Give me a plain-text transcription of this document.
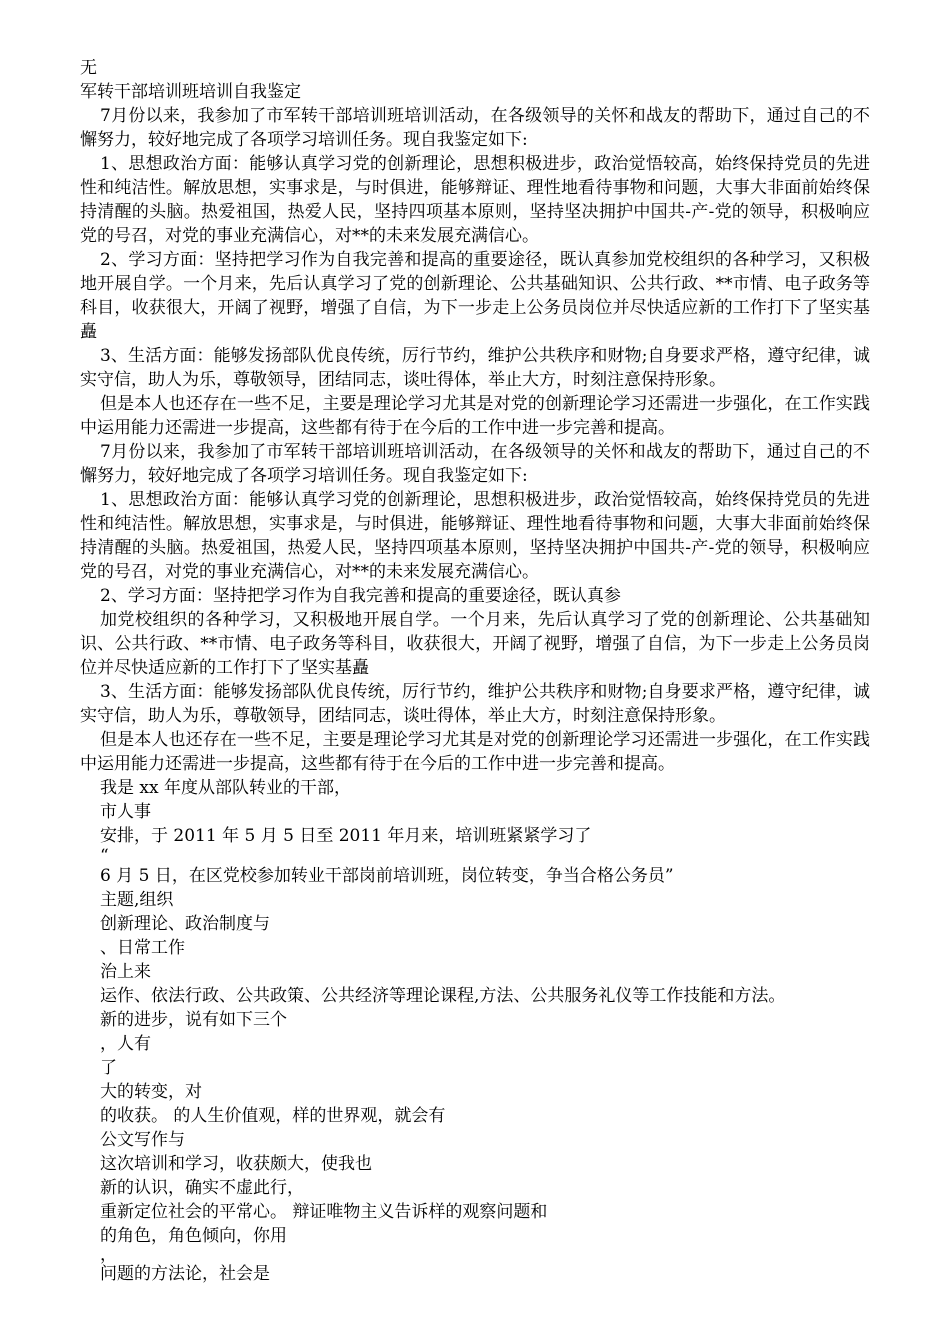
无
军转干部培训班培训自我鉴定
7月份以来，我参加了市军转干部培训班培训活动，在各级领导的关怀和战友的帮助下，通过自己的不懈努力，较好地完成了各项学习培训任务。现自我鉴定如下:
1、思想政治方面：能够认真学习党的创新理论，思想积极进步，政治觉悟较高，始终保持党员的先进性和纯洁性。解放思想，实事求是，与时俱进，能够辩证、理性地看待事物和问题，大事大非面前始终保持清醒的头脑。热爱祖国，热爱人民，坚持四项基本原则，坚持坚决拥护中国共-产-党的领导，积极响应党的号召，对党的事业充满信心，对**的未来发展充满信心。
2、学习方面：坚持把学习作为自我完善和提高的重要途径，既认真参加党校组织的各种学习，又积极地开展自学。一个月来，先后认真学习了党的创新理论、公共基础知识、公共行政、**市情、电子政务等科目，收获很大，开阔了视野，增强了自信，为下一步走上公务员岗位并尽快适应新的工作打下了坚实基矗
3、生活方面：能够发扬部队优良传统，厉行节约，维护公共秩序和财物;自身要求严格，遵守纪律，诚实守信，助人为乐，尊敬领导，团结同志，谈吐得体，举止大方，时刻注意保持形象。
但是本人也还存在一些不足，主要是理论学习尤其是对党的创新理论学习还需进一步强化，在工作实践中运用能力还需进一步提高，这些都有待于在今后的工作中进一步完善和提高。
7月份以来，我参加了市军转干部培训班培训活动，在各级领导的关怀和战友的帮助下，通过自己的不懈努力，较好地完成了各项学习培训任务。现自我鉴定如下:
1、思想政治方面：能够认真学习党的创新理论，思想积极进步，政治觉悟较高，始终保持党员的先进性和纯洁性。解放思想，实事求是，与时俱进，能够辩证、理性地看待事物和问题，大事大非面前始终保持清醒的头脑。热爱祖国，热爱人民，坚持四项基本原则，坚持坚决拥护中国共-产-党的领导，积极响应党的号召，对党的事业充满信心，对**的未来发展充满信心。
2、学习方面：坚持把学习作为自我完善和提高的重要途径，既认真参
加党校组织的各种学习，又积极地开展自学。一个月来，先后认真学习了党的创新理论、公共基础知识、公共行政、**市情、电子政务等科目，收获很大，开阔了视野，增强了自信，为下一步走上公务员岗位并尽快适应新的工作打下了坚实基矗
3、生活方面：能够发扬部队优良传统，厉行节约，维护公共秩序和财物;自身要求严格，遵守纪律，诚实守信，助人为乐，尊敬领导，团结同志，谈吐得体，举止大方，时刻注意保持形象。
但是本人也还存在一些不足，主要是理论学习尤其是对党的创新理论学习还需进一步强化，在工作实践中运用能力还需进一步提高，这些都有待于在今后的工作中进一步完善和提高。
我是 xx 年度从部队转业的干部，
市人事
安排，于 2011 年 5 月 5 日至 2011 年月来，培训班紧紧学习了
“
6 月 5 日，在区党校参加转业干部岗前培训班，岗位转变，争当合格公务员”
主题,组织
创新理论、政治制度与
、日常工作
治上来
运作、依法行政、公共政策、公共经济等理论课程,方法、公共服务礼仪等工作技能和方法。
新的进步，说有如下三个
，人有
了
大的转变，对
的收获。 的人生价值观，样的世界观，就会有
公文写作与
这次培训和学习，收获颇大，使我也
新的认识，确实不虚此行，
重新定位社会的平常心。 辩证唯物主义告诉样的观察问题和
的角色，角色倾向，你用
，
问题的方法论，社会是
